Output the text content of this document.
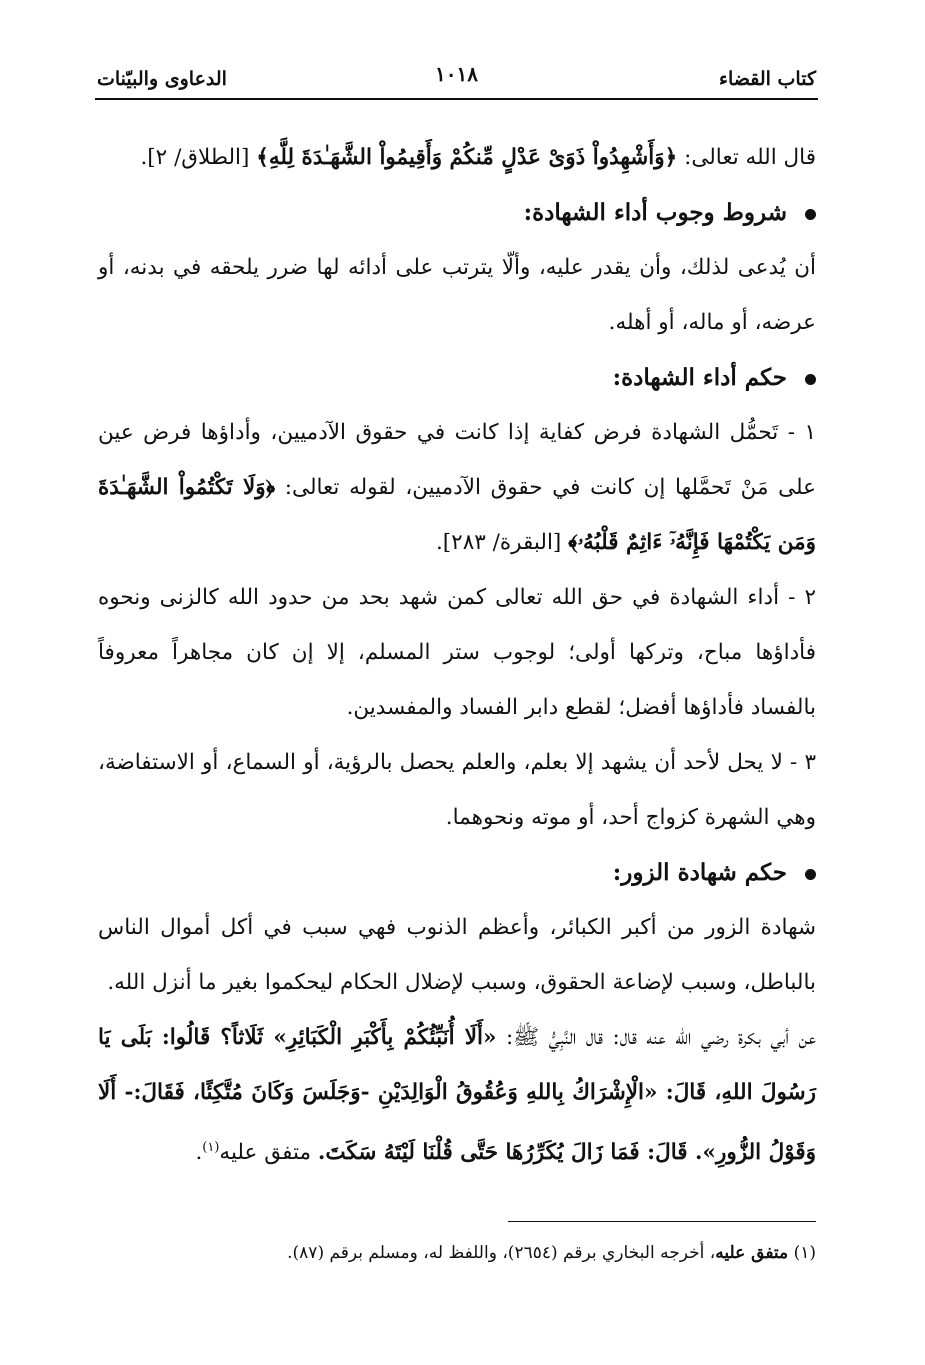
كتاب القضاء
١٠١٨
الدعاوى والبيّنات

قال الله تعالى: ﴿وَأَشْهِدُواْ ذَوَىْ عَدْلٍ مِّنكُمْ وَأَقِيمُواْ الشَّهَـٰدَةَ لِلَّهِ﴾ [الطلاق/ ٢].

شروط وجوب أداء الشهادة:

أن يُدعى لذلك، وأن يقدر عليه، وألّا يترتب على أدائه لها ضرر يلحقه في بدنه، أو عرضه، أو ماله، أو أهله.

حكم أداء الشهادة:

١ - تَحمُّل الشهادة فرض كفاية إذا كانت في حقوق الآدميين، وأداؤها فرض عين على مَنْ تَحمَّلها إن كانت في حقوق الآدميين، لقوله تعالى: ﴿وَلَا تَكْتُمُواْ الشَّهَـٰدَةَ وَمَن يَكْتُمْهَا فَإِنَّهُۥٓ ءَاثِمٌ قَلْبُهُۥ﴾ [البقرة/ ٢٨٣].

٢ - أداء الشهادة في حق الله تعالى كمن شهد بحد من حدود الله كالزنى ونحوه فأداؤها مباح، وتركها أولى؛ لوجوب ستر المسلم، إلا إن كان مجاهراً معروفاً بالفساد فأداؤها أفضل؛ لقطع دابر الفساد والمفسدين.

٣ - لا يحل لأحد أن يشهد إلا بعلم، والعلم يحصل بالرؤية، أو السماع، أو الاستفاضة، وهي الشهرة كزواج أحد، أو موته ونحوهما.

حكم شهادة الزور:

شهادة الزور من أكبر الكبائر، وأعظم الذنوب فهي سبب في أكل أموال الناس بالباطل، وسبب لإضاعة الحقوق، وسبب لإضلال الحكام ليحكموا بغير ما أنزل الله.

عن أبي بكرة رضي الله عنه قال: قال النَّبِيُّ ﷺ: «أَلَا أُنَبِّئُكُمْ بِأَكْبَرِ الْكَبَائِرِ» ثَلَاثاً؟ قَالُوا: بَلَى يَا رَسُولَ اللهِ، قَالَ: «الْإِشْرَاكُ بِاللهِ وَعُقُوقُ الْوَالِدَيْنِ -وَجَلَسَ وَكَانَ مُتَّكِئًا، فَقَالَ:- أَلَا وَقَوْلُ الزُّورِ». قَالَ: فَمَا زَالَ يُكَرِّرُهَا حَتَّى قُلْنَا لَيْتَهُ سَكَتَ. متفق عليه$^{(١)}$.

(١) متفق عليه، أخرجه البخاري برقم (٢٦٥٤)، واللفظ له، ومسلم برقم (٨٧).
